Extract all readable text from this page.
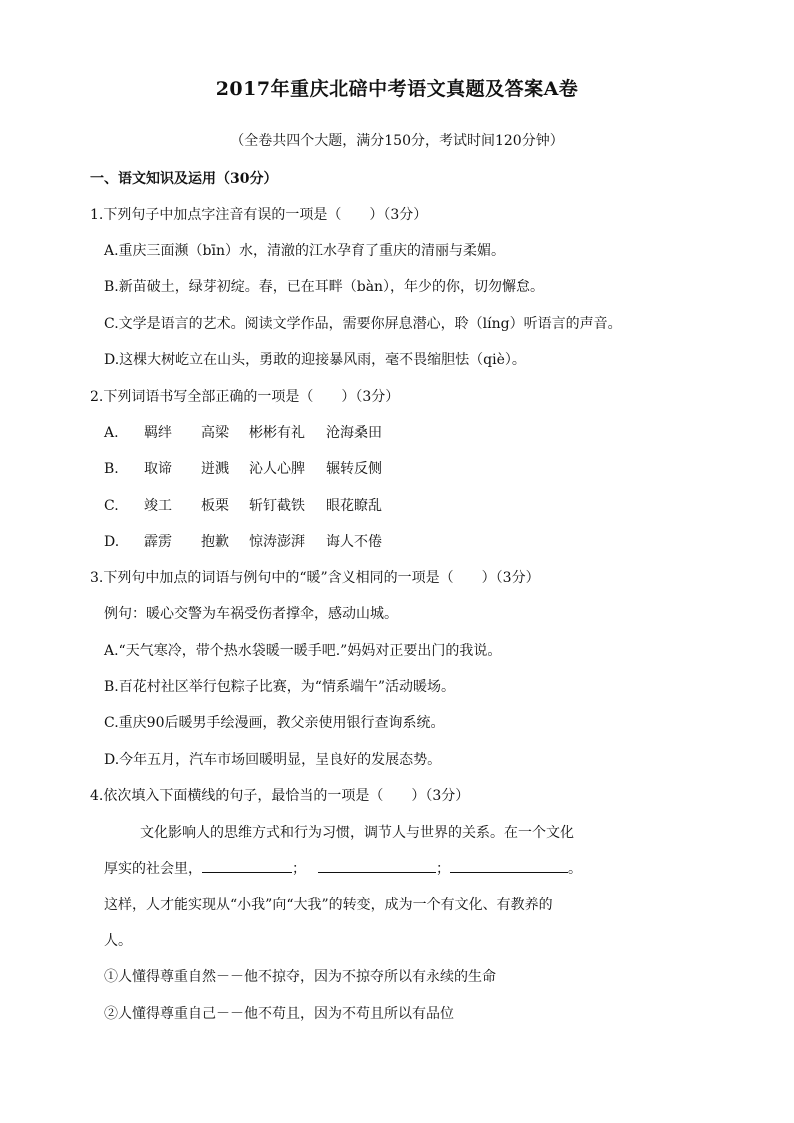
2017年重庆北碚中考语文真题及答案A卷
（全卷共四个大题，满分150分，考试时间120分钟）
一、语文知识及运用（30分）
1.下列句子中加点字注音有误的一项是（　　）（3分）
A.重庆三面濒（bīn）水，清澈的江水孕育了重庆的清丽与柔媚。
B.新苗破土，绿芽初绽。春，已在耳畔（bàn），年少的你，切勿懈怠。
C.文学是语言的艺术。阅读文学作品，需要你屏息潜心，聆（líng）听语言的声音。
D.这棵大树屹立在山头，勇敢的迎接暴风雨，毫不畏缩胆怯（qiè）。
2.下列词语书写全部正确的一项是（　　）（3分）
A. 羁绊 高梁 彬彬有礼 沧海桑田
B. 取谛 迸溅 沁人心脾 辗转反侧
C. 竣工 板栗 斩钉截铁 眼花瞭乱
D. 霹雳 抱歉 惊涛澎湃 诲人不倦
3.下列句中加点的词语与例句中的“暖”含义相同的一项是（　　）（3分）
例句：暖心交警为车祸受伤者撑伞，感动山城。
A.“天气寒冷，带个热水袋暖一暖手吧.”妈妈对正要出门的我说。
B.百花村社区举行包粽子比赛，为“情系端午”活动暖场。
C.重庆90后暖男手绘漫画，教父亲使用银行查询系统。
D.今年五月，汽车市场回暖明显，呈良好的发展态势。
4.依次填入下面横线的句子，最恰当的一项是（　　）（3分）
文化影响人的思维方式和行为习惯，调节人与世界的关系。在一个文化
厚实的社会里，	；	；	。
这样，人才能实现从“小我”向“大我”的转变，成为一个有文化、有教养的
人。
①人懂得尊重自然－－他不掠夺，因为不掠夺所以有永续的生命
②人懂得尊重自己－－他不苟且，因为不苟且所以有品位
